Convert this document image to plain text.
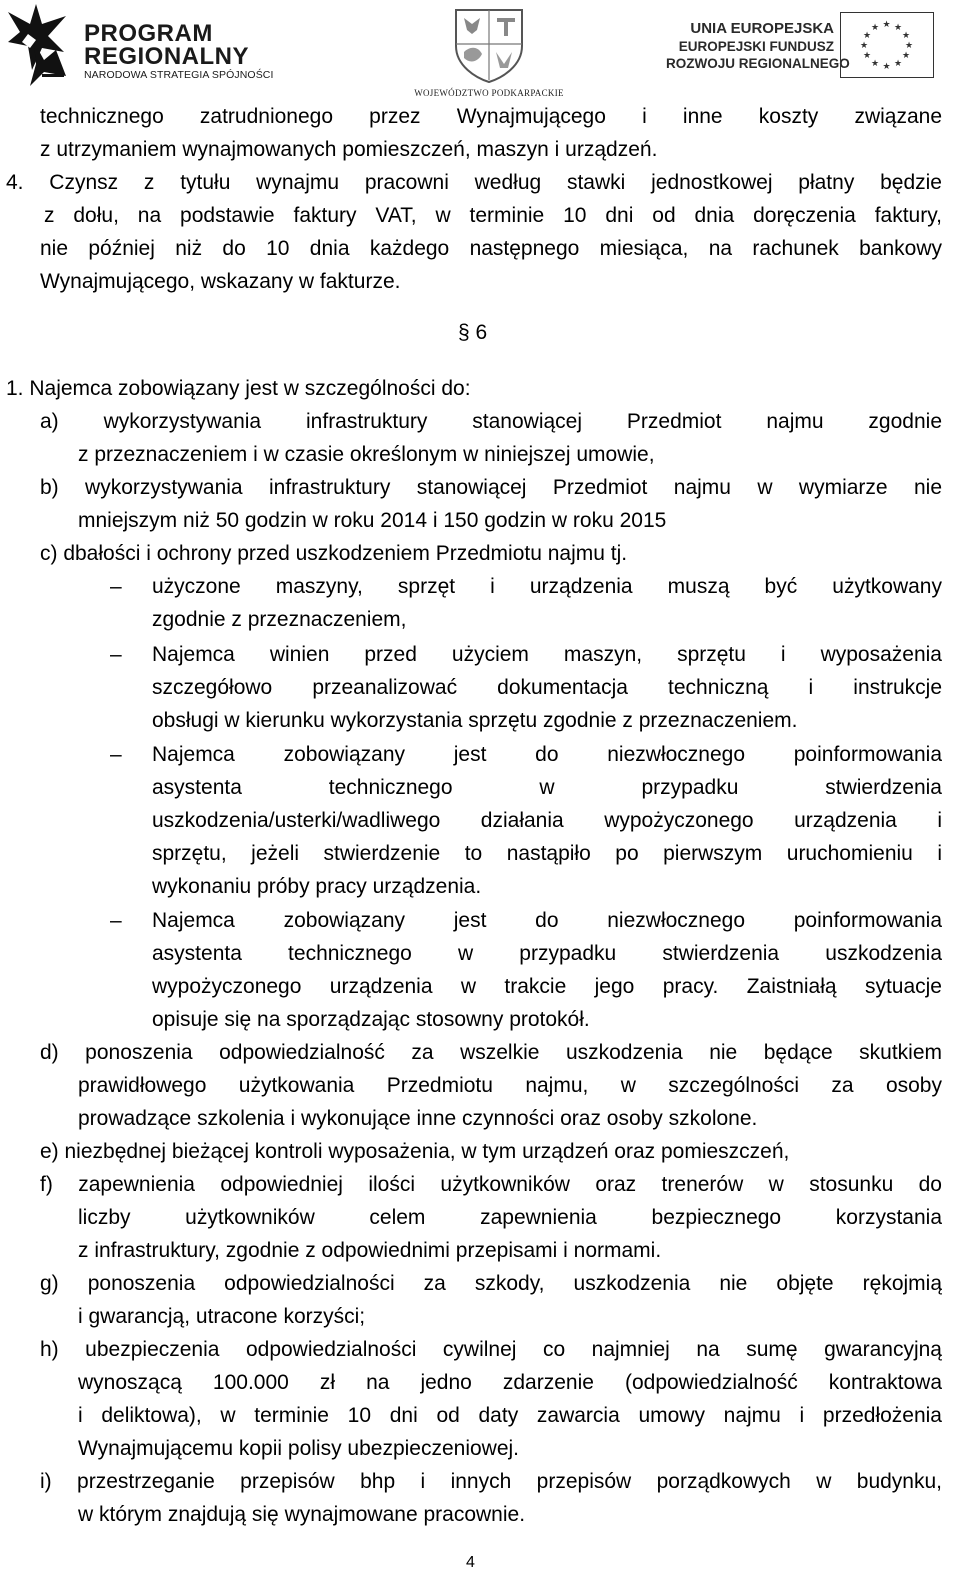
PROGRAM
REGIONALNY
NARODOWA STRATEGIA SPÓJNOŚCI
WOJEWÓDZTWO PODKARPACKIE
UNIA EUROPEJSKA
EUROPEJSKI FUNDUSZ
ROZWOJU REGIONALNEGO
★ ★
★
★
★
★
★
★
★
★
★
★
technicznego zatrudnionego przez Wynajmującego i inne koszty związane
z utrzymaniem wynajmowanych pomieszczeń, maszyn i urządzeń.
4. Czynsz z tytułu wynajmu pracowni według stawki jednostkowej płatny będzie
z dołu, na podstawie faktury VAT, w terminie 10 dni od dnia doręczenia faktury,
nie później niż do 10 dnia każdego następnego miesiąca, na rachunek bankowy
Wynajmującego, wskazany w fakturze.
§ 6
1. Najemca zobowiązany jest w szczególności do:
a) wykorzystywania infrastruktury stanowiącej Przedmiot najmu zgodnie
z przeznaczeniem i w czasie określonym w niniejszej umowie,
b) wykorzystywania infrastruktury stanowiącej Przedmiot najmu w wymiarze nie
mniejszym niż 50 godzin w roku 2014 i 150 godzin w roku 2015
c) dbałości i ochrony przed uszkodzeniem Przedmiotu najmu tj.
– użyczone maszyny, sprzęt i urządzenia muszą być użytkowany
zgodnie z przeznaczeniem,
– Najemca winien przed użyciem maszyn, sprzętu i wyposażenia
szczegółowo przeanalizować dokumentacja techniczną i instrukcje
obsługi w kierunku wykorzystania sprzętu zgodnie z przeznaczeniem.
– Najemca zobowiązany jest do niezwłocznego poinformowania
asystenta technicznego w przypadku stwierdzenia
uszkodzenia/usterki/wadliwego działania wypożyczonego urządzenia i
sprzętu, jeżeli stwierdzenie to nastąpiło po pierwszym uruchomieniu i
wykonaniu próby pracy urządzenia.
– Najemca zobowiązany jest do niezwłocznego poinformowania
asystenta technicznego w przypadku stwierdzenia uszkodzenia
wypożyczonego urządzenia w trakcie jego pracy. Zaistniałą sytuacje
opisuje się na sporządzając stosowny protokół.
d) ponoszenia odpowiedzialność za wszelkie uszkodzenia nie będące skutkiem
prawidłowego użytkowania Przedmiotu najmu, w szczególności za osoby
prowadzące szkolenia i wykonujące inne czynności oraz osoby szkolone.
e) niezbędnej bieżącej kontroli wyposażenia, w tym urządzeń oraz pomieszczeń,
f) zapewnienia odpowiedniej ilości użytkowników oraz trenerów w stosunku do
liczby użytkowników celem zapewnienia bezpiecznego korzystania
z infrastruktury, zgodnie z odpowiednimi przepisami i normami.
g) ponoszenia odpowiedzialności za szkody, uszkodzenia nie objęte rękojmią
i gwarancją, utracone korzyści;
h) ubezpieczenia odpowiedzialności cywilnej co najmniej na sumę gwarancyjną
wynoszącą 100.000 zł na jedno zdarzenie (odpowiedzialność kontraktowa
i deliktowa), w terminie 10 dni od daty zawarcia umowy najmu i przedłożenia
Wynajmującemu kopii polisy ubezpieczeniowej.
i) przestrzeganie przepisów bhp i innych przepisów porządkowych w budynku,
w którym znajdują się wynajmowane pracownie.
4
